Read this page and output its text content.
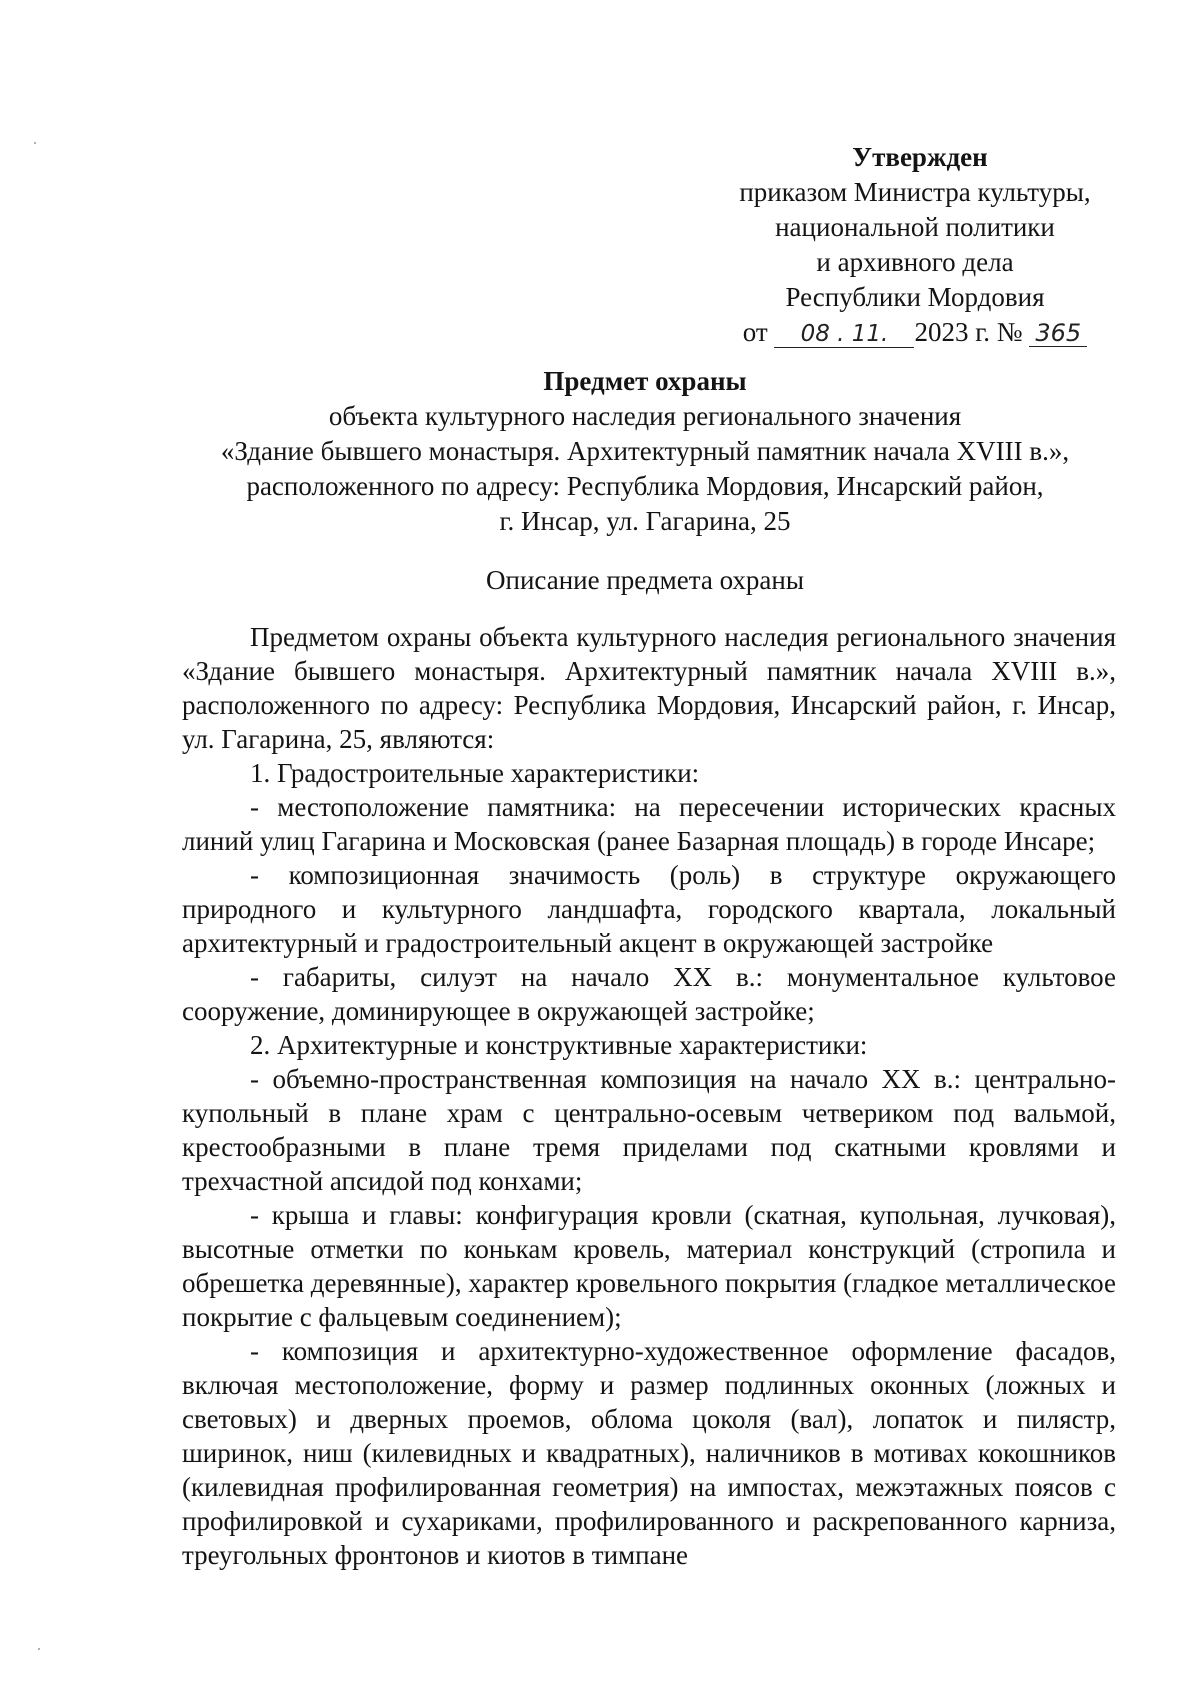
Утвержден
приказом Министра культуры,
национальной политики
и архивного дела
Республики Мордовия
от 08 . 11. 2023 г. № 365
Предмет охраны
объекта культурного наследия регионального значения
«Здание бывшего монастыря. Архитектурный памятник начала XVIII в.»,
расположенного по адресу: Республика Мордовия, Инсарский район,
г. Инсар, ул. Гагарина, 25
Описание предмета охраны

Предметом охраны объекта культурного наследия регионального значения «Здание бывшего монастыря. Архитектурный памятник начала XVIII в.», расположенного по адресу: Республика Мордовия, Инсарский район, г. Инсар, ул. Гагарина, 25, являются:

1. Градостроительные характеристики:

- местоположение памятника: на пересечении исторических красных линий улиц Гагарина и Московская (ранее Базарная площадь) в городе Инсаре;

- композиционная значимость (роль) в структуре окружающего природного и культурного ландшафта, городского квартала, локальный архитектурный и градостроительный акцент в окружающей застройке

- габариты, силуэт на начало XX в.: монументальное культовое сооружение, доминирующее в окружающей застройке;

2. Архитектурные и конструктивные характеристики:

- объемно-пространственная композиция на начало XX в.: центрально-купольный в плане храм с центрально-осевым четвериком под вальмой, крестообразными в плане тремя приделами под скатными кровлями и трехчастной апсидой под конхами;

- крыша и главы: конфигурация кровли (скатная, купольная, лучковая), высотные отметки по конькам кровель, материал конструкций (стропила и обрешетка деревянные), характер кровельного покрытия (гладкое металлическое покрытие с фальцевым соединением);

- композиция и архитектурно-художественное оформление фасадов, включая местоположение, форму и размер подлинных оконных (ложных и световых) и дверных проемов, облома цоколя (вал), лопаток и пилястр, ширинок, ниш (килевидных и квадратных), наличников в мотивах кокошников (килевидная профилированная геометрия) на импостах, межэтажных поясов с профилировкой и сухариками, профилированного и раскрепованного карниза, треугольных фронтонов и киотов в тимпане
